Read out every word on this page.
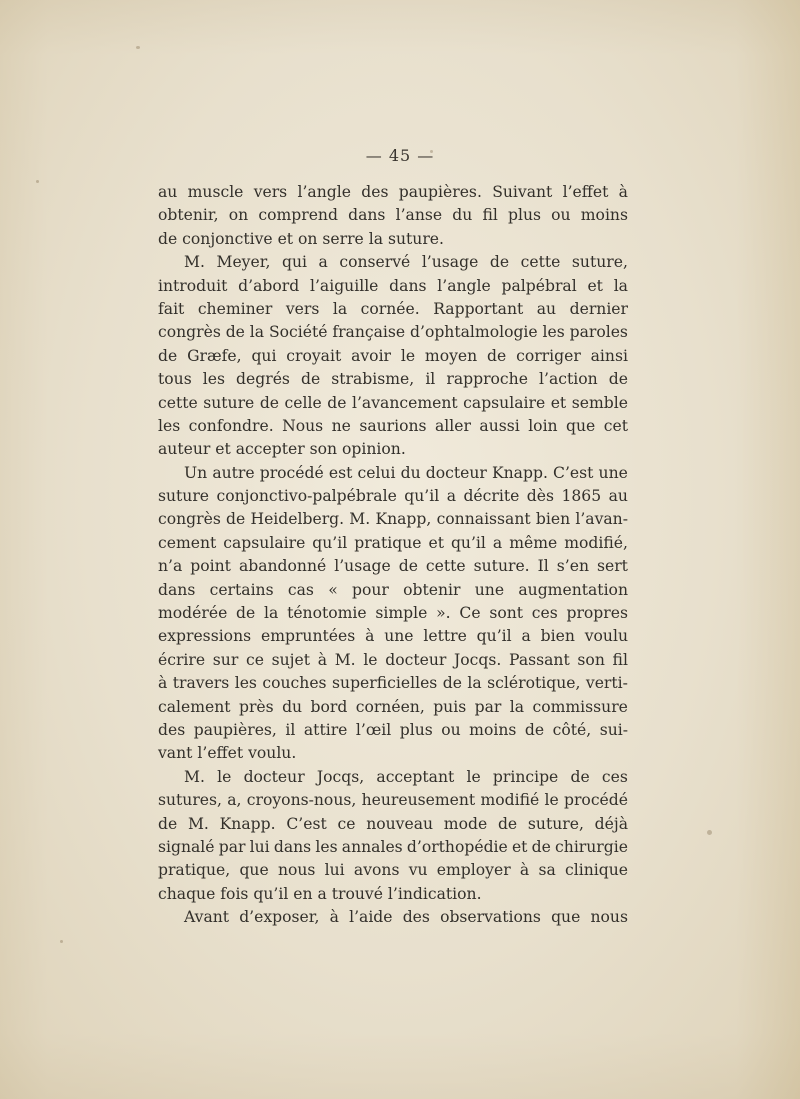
— 45 —
au muscle vers l’angle des paupières. Suivant l’effet à
obtenir, on comprend dans l’anse du fil plus ou moins
de conjonctive et on serre la suture.
M. Meyer, qui a conservé l’usage de cette suture,
introduit d’abord l’aiguille dans l’angle palpébral et la
fait cheminer vers la cornée. Rapportant au dernier
congrès de la Société française d’ophtalmologie les paroles
de Græfe, qui croyait avoir le moyen de corriger ainsi
tous les degrés de strabisme, il rapproche l’action de
cette suture de celle de l’avancement capsulaire et semble
les confondre. Nous ne saurions aller aussi loin que cet
auteur et accepter son opinion.
Un autre procédé est celui du docteur Knapp. C’est une
suture conjonctivo-palpébrale qu’il a décrite dès 1865 au
congrès de Heidelberg. M. Knapp, connaissant bien l’avan-
cement capsulaire qu’il pratique et qu’il a même modifié,
n’a point abandonné l’usage de cette suture. Il s’en sert
dans certains cas « pour obtenir une augmentation
modérée de la ténotomie simple ». Ce sont ces propres
expressions empruntées à une lettre qu’il a bien voulu
écrire sur ce sujet à M. le docteur Jocqs. Passant son fil
à travers les couches superficielles de la sclérotique, verti-
calement près du bord cornéen, puis par la commissure
des paupières, il attire l’œil plus ou moins de côté, sui-
vant l’effet voulu.
M. le docteur Jocqs, acceptant le principe de ces
sutures, a, croyons-nous, heureusement modifié le procédé
de M. Knapp. C’est ce nouveau mode de suture, déjà
signalé par lui dans les annales d’orthopédie et de chirurgie
pratique, que nous lui avons vu employer à sa clinique
chaque fois qu’il en a trouvé l’indication.
Avant d’exposer, à l’aide des observations que nous
